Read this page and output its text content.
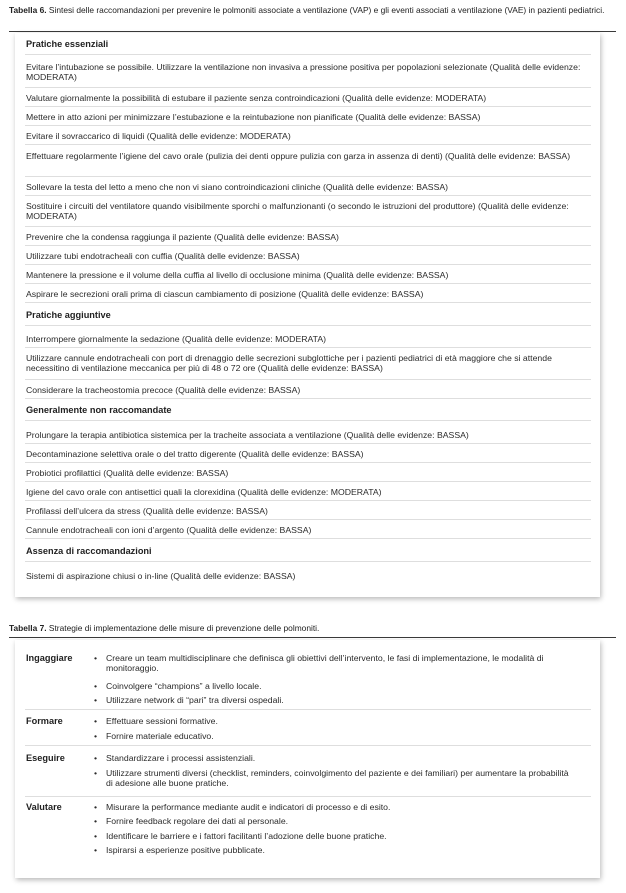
Tabella 6. Sintesi delle raccomandazioni per prevenire le polmoniti associate a ventilazione (VAP) e gli eventi associati a ventilazione (VAE) in pazienti pediatrici.
Pratiche essenziali
Evitare l’intubazione se possibile. Utilizzare la ventilazione non invasiva a pressione positiva per popolazioni selezionate (Qualità delle evidenze: MODERATA)
Valutare giornalmente la possibilità di estubare il paziente senza controindicazioni (Qualità delle evidenze: MODERATA)
Mettere in atto azioni per minimizzare l’estubazione e la reintubazione non pianificate (Qualità delle evidenze: BASSA)
Evitare il sovraccarico di liquidi (Qualità delle evidenze: MODERATA)
Effettuare regolarmente l’igiene del cavo orale (pulizia dei denti oppure pulizia con garza in assenza di denti) (Qualità delle evidenze: BASSA)
Sollevare la testa del letto a meno che non vi siano controindicazioni cliniche (Qualità delle evidenze: BASSA)
Sostituire i circuiti del ventilatore quando visibilmente sporchi o malfunzionanti (o secondo le istruzioni del produttore) (Qualità delle evidenze: MODERATA)
Prevenire che la condensa raggiunga il paziente (Qualità delle evidenze: BASSA)
Utilizzare tubi endotracheali con cuffia (Qualità delle evidenze: BASSA)
Mantenere la pressione e il volume della cuffia al livello di occlusione minima (Qualità delle evidenze: BASSA)
Aspirare le secrezioni orali prima di ciascun cambiamento di posizione (Qualità delle evidenze: BASSA)
Pratiche aggiuntive
Interrompere giornalmente la sedazione (Qualità delle evidenze: MODERATA)
Utilizzare cannule endotracheali con port di drenaggio delle secrezioni subglottiche per i pazienti pediatrici di età maggiore che si attende necessitino di ventilazione meccanica per più di 48 o 72 ore (Qualità delle evidenze: BASSA)
Considerare la tracheostomia precoce (Qualità delle evidenze: BASSA)
Generalmente non raccomandate
Prolungare la terapia antibiotica sistemica per la tracheite associata a ventilazione (Qualità delle evidenze: BASSA)
Decontaminazione selettiva orale o del tratto digerente (Qualità delle evidenze: BASSA)
Probiotici profilattici (Qualità delle evidenze: BASSA)
Igiene del cavo orale con antisettici quali la clorexidina (Qualità delle evidenze: MODERATA)
Profilassi dell’ulcera da stress (Qualità delle evidenze: BASSA)
Cannule endotracheali con ioni d’argento (Qualità delle evidenze: BASSA)
Assenza di raccomandazioni
Sistemi di aspirazione chiusi o in-line (Qualità delle evidenze: BASSA)
Tabella 7. Strategie di implementazione delle misure di prevenzione delle polmoniti.
Ingaggiare • Creare un team multidisciplinare che definisca gli obiettivi dell’intervento, le fasi di implementazione, le modalità di monitoraggio.
• Coinvolgere “champions” a livello locale.
• Utilizzare network di “pari” tra diversi ospedali.
Formare	• Effettuare sessioni formative.
• Fornire materiale educativo.
Eseguire	• Standardizzare i processi assistenziali.
• Utilizzare strumenti diversi (checklist, reminders, coinvolgimento del paziente e dei familiari) per aumentare la probabilità di adesione alle buone pratiche.
Valutare	• Misurare la performance mediante audit e indicatori di processo e di esito.
• Fornire feedback regolare dei dati al personale.
• Identificare le barriere e i fattori facilitanti l’adozione delle buone pratiche.
• Ispirarsi a esperienze positive pubblicate.
